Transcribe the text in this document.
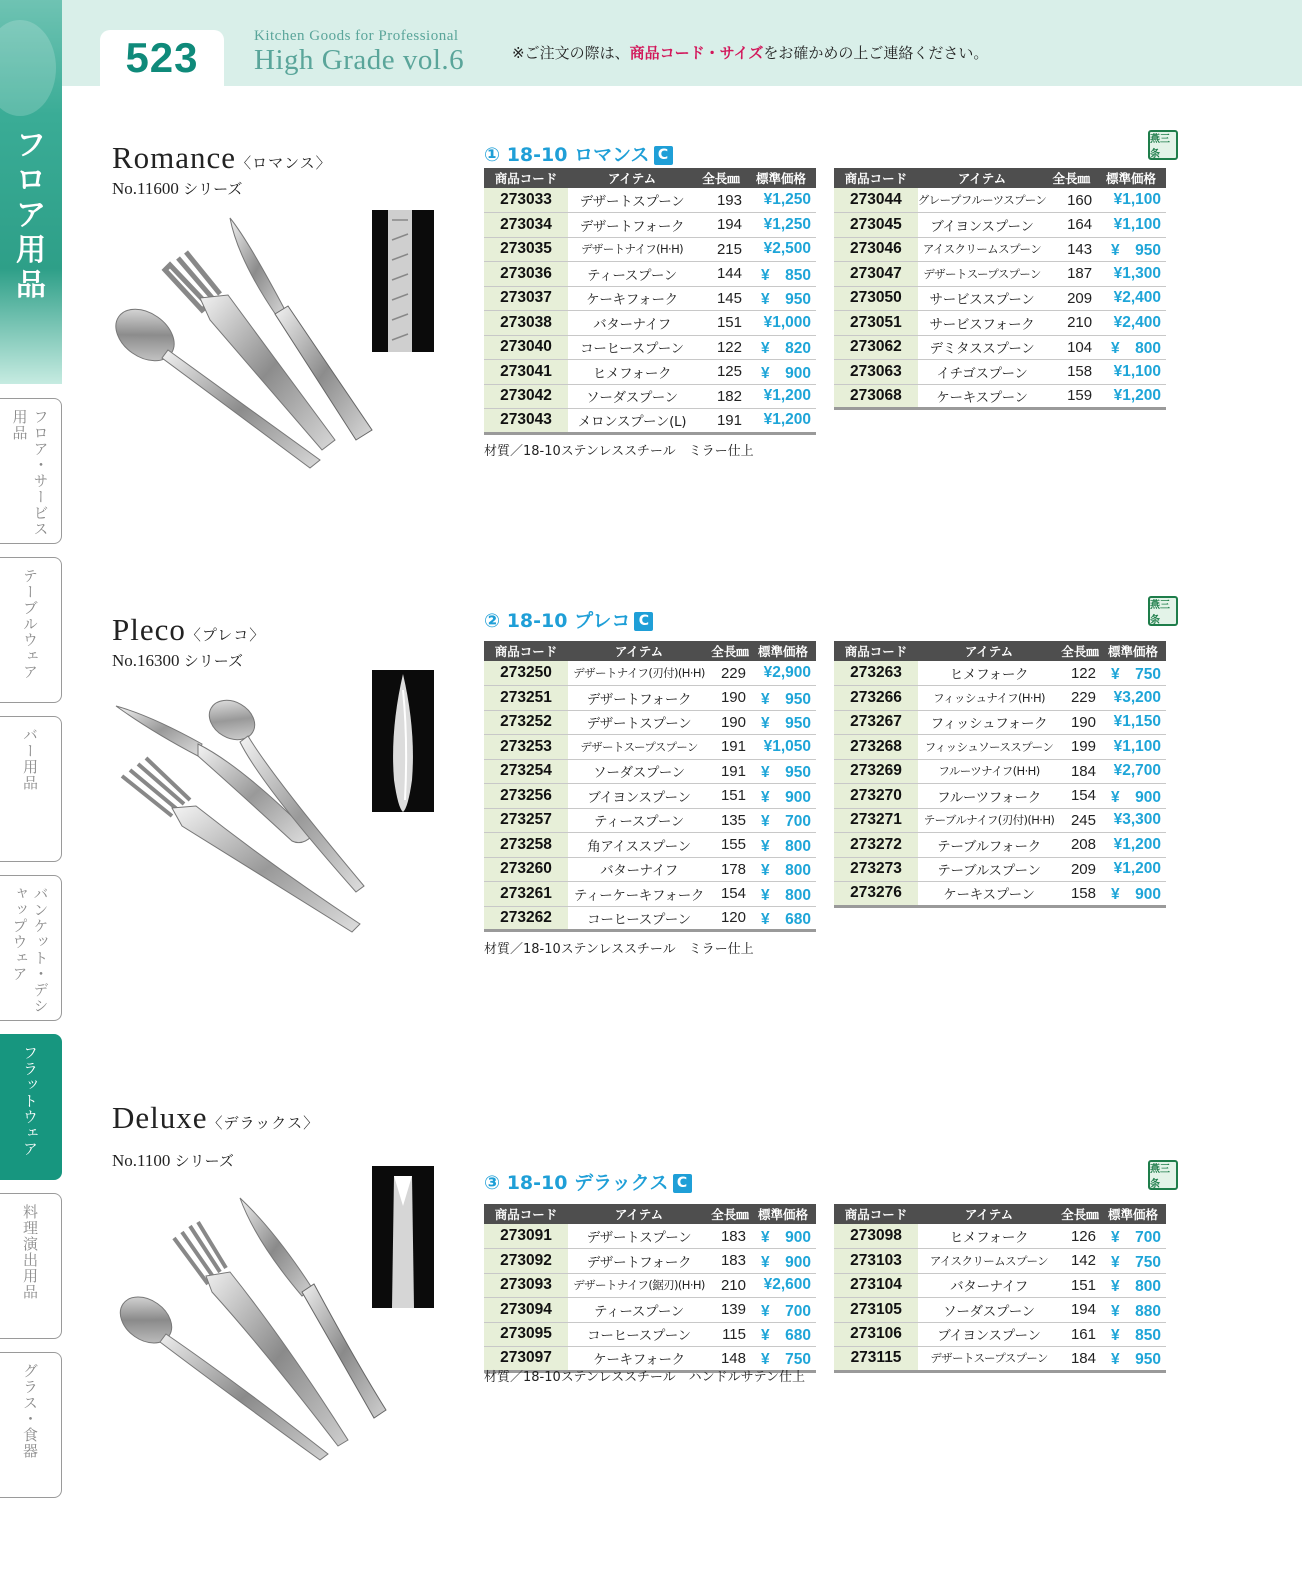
523	Kitchen Goods for Professional
High Grade vol.6	※ご注文の際は、商品コード・サイズをお確かめの上ご連絡ください。
フロア用品
フロア・サービス用品
テーブルウェア
バー用品
バンケット・デシャップウェア
フラットウェア
料理演出用品
グラス・食器
Romance〈ロマンス〉
No.11600 シリーズ
① 18-10 ロマンス C
燕三条
商品コード	アイテム	全長㎜	標準価格
273033	デザートスプーン	193	¥1,250
273034	デザートフォーク	194	¥1,250
273035	デザートナイフ(H·H)	215	¥2,500
273036	ティースプーン	144	¥　850
273037	ケーキフォーク	145	¥　950
273038	バターナイフ	151	¥1,000
273040	コーヒースプーン	122	¥　820
273041	ヒメフォーク	125	¥　900
273042	ソーダスプーン	182	¥1,200
273043	メロンスプーン(L)	191	¥1,200
商品コード	アイテム	全長㎜	標準価格
273044	グレープフルーツスプーン	160	¥1,100
273045	ブイヨンスプーン	164	¥1,100
273046	アイスクリームスプーン	143	¥　950
273047	デザートスープスプーン	187	¥1,300
273050	サービススプーン	209	¥2,400
273051	サービスフォーク	210	¥2,400
273062	デミタススプーン	104	¥　800
273063	イチゴスプーン	158	¥1,100
273068	ケーキスプーン	159	¥1,200
材質／18-10ステンレススチール　ミラー仕上
Pleco〈プレコ〉
No.16300 シリーズ
② 18-10 プレコ C
燕三条
商品コード	アイテム	全長㎜	標準価格
273250	デザートナイフ(刃付)(H·H)	229	¥2,900
273251	デザートフォーク	190	¥　950
273252	デザートスプーン	190	¥　950
273253	デザートスープスプーン	191	¥1,050
273254	ソーダスプーン	191	¥　950
273256	ブイヨンスプーン	151	¥　900
273257	ティースプーン	135	¥　700
273258	角アイススプーン	155	¥　800
273260	バターナイフ	178	¥　800
273261	ティーケーキフォーク	154	¥　800
273262	コーヒースプーン	120	¥　680
商品コード	アイテム	全長㎜	標準価格
273263	ヒメフォーク	122	¥　750
273266	フィッシュナイフ(H·H)	229	¥3,200
273267	フィッシュフォーク	190	¥1,150
273268	フィッシュソーススプーン	199	¥1,100
273269	フルーツナイフ(H·H)	184	¥2,700
273270	フルーツフォーク	154	¥　900
273271	テーブルナイフ(刃付)(H·H)	245	¥3,300
273272	テーブルフォーク	208	¥1,200
273273	テーブルスプーン	209	¥1,200
273276	ケーキスプーン	158	¥　900
材質／18-10ステンレススチール　ミラー仕上
Deluxe〈デラックス〉
No.1100 シリーズ
③ 18-10 デラックス C
燕三条
商品コード	アイテム	全長㎜	標準価格
273091	デザートスプーン	183	¥　900
273092	デザートフォーク	183	¥　900
273093	デザートナイフ(鋸刃)(H·H)	210	¥2,600
273094	ティースプーン	139	¥　700
273095	コーヒースプーン	115	¥　680
273097	ケーキフォーク	148	¥　750
商品コード	アイテム	全長㎜	標準価格
273098	ヒメフォーク	126	¥　700
273103	アイスクリームスプーン	142	¥　750
273104	バターナイフ	151	¥　800
273105	ソーダスプーン	194	¥　880
273106	ブイヨンスプーン	161	¥　850
273115	デザートスープスプーン	184	¥　950
材質／18-10ステンレススチール　ハンドルサテン仕上
